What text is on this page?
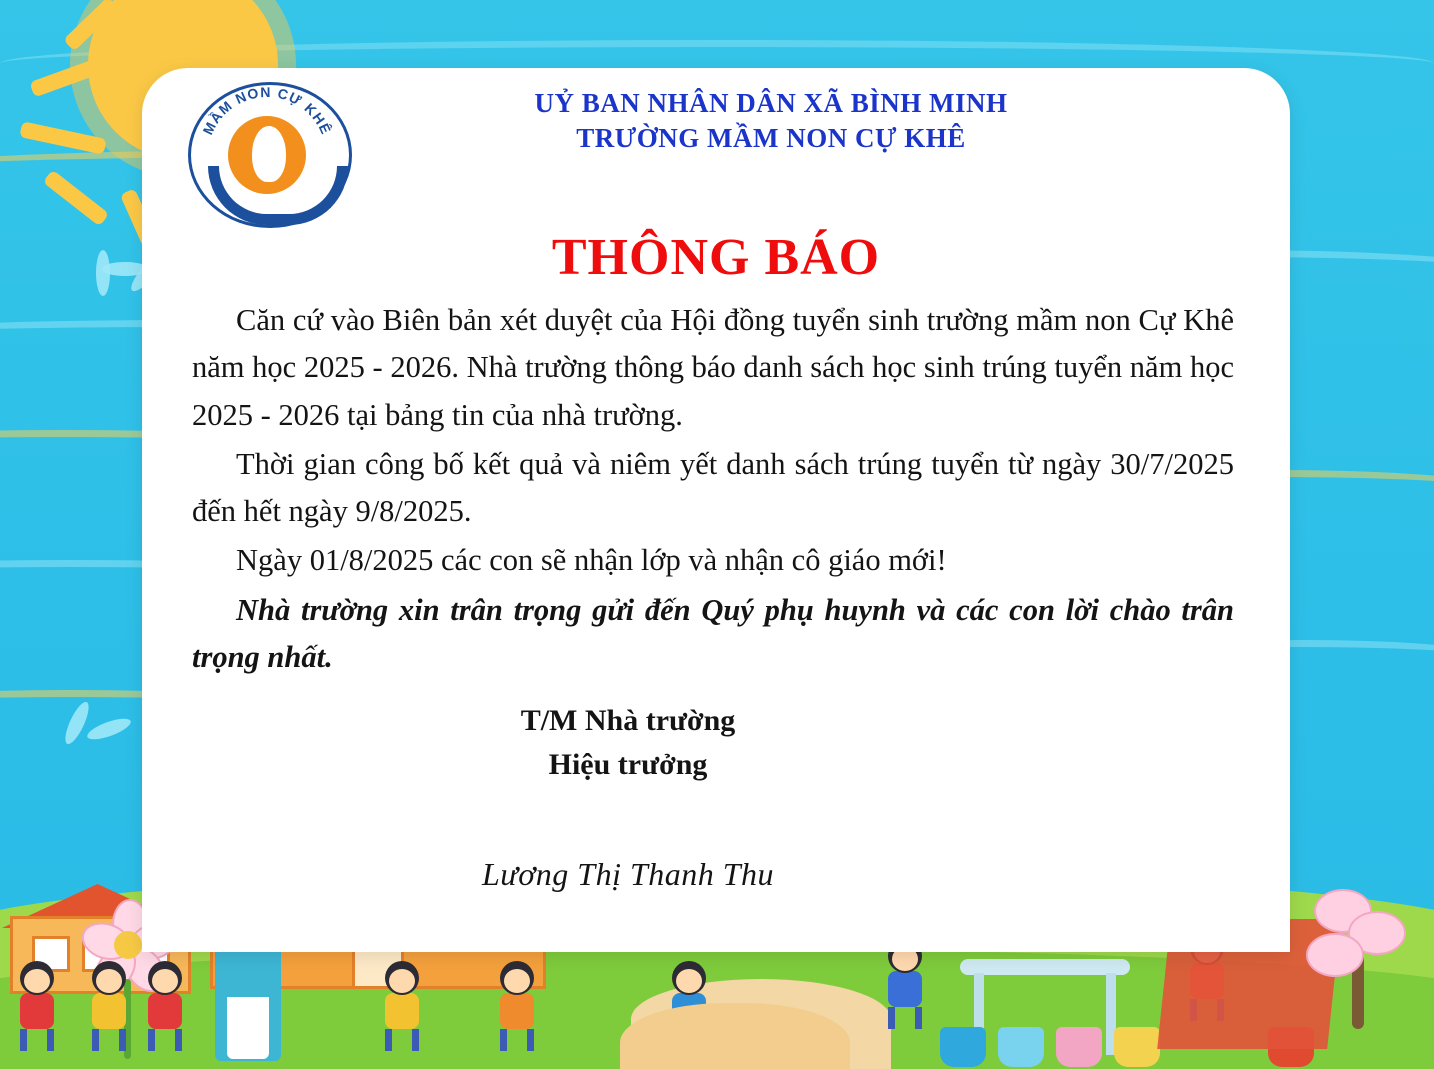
MẦM NON CỰ KHÊ
UỶ BAN NHÂN DÂN XÃ BÌNH MINH
TRƯỜNG MẦM NON CỰ KHÊ
THÔNG BÁO

Căn cứ vào Biên bản xét duyệt của Hội đồng tuyển sinh trường mầm non Cự Khê năm học 2025 - 2026. Nhà trường thông báo danh sách học sinh trúng tuyển năm học 2025 - 2026 tại bảng tin của nhà trường.

Thời gian công bố kết quả và niêm yết danh sách trúng tuyển từ ngày 30/7/2025 đến hết ngày 9/8/2025.

Ngày 01/8/2025 các con sẽ nhận lớp và nhận cô giáo mới!

Nhà trường xin trân trọng gửi đến Quý phụ huynh và các con lời chào trân trọng nhất.

T/M Nhà trường
Hiệu trưởng
Lương Thị Thanh Thu
